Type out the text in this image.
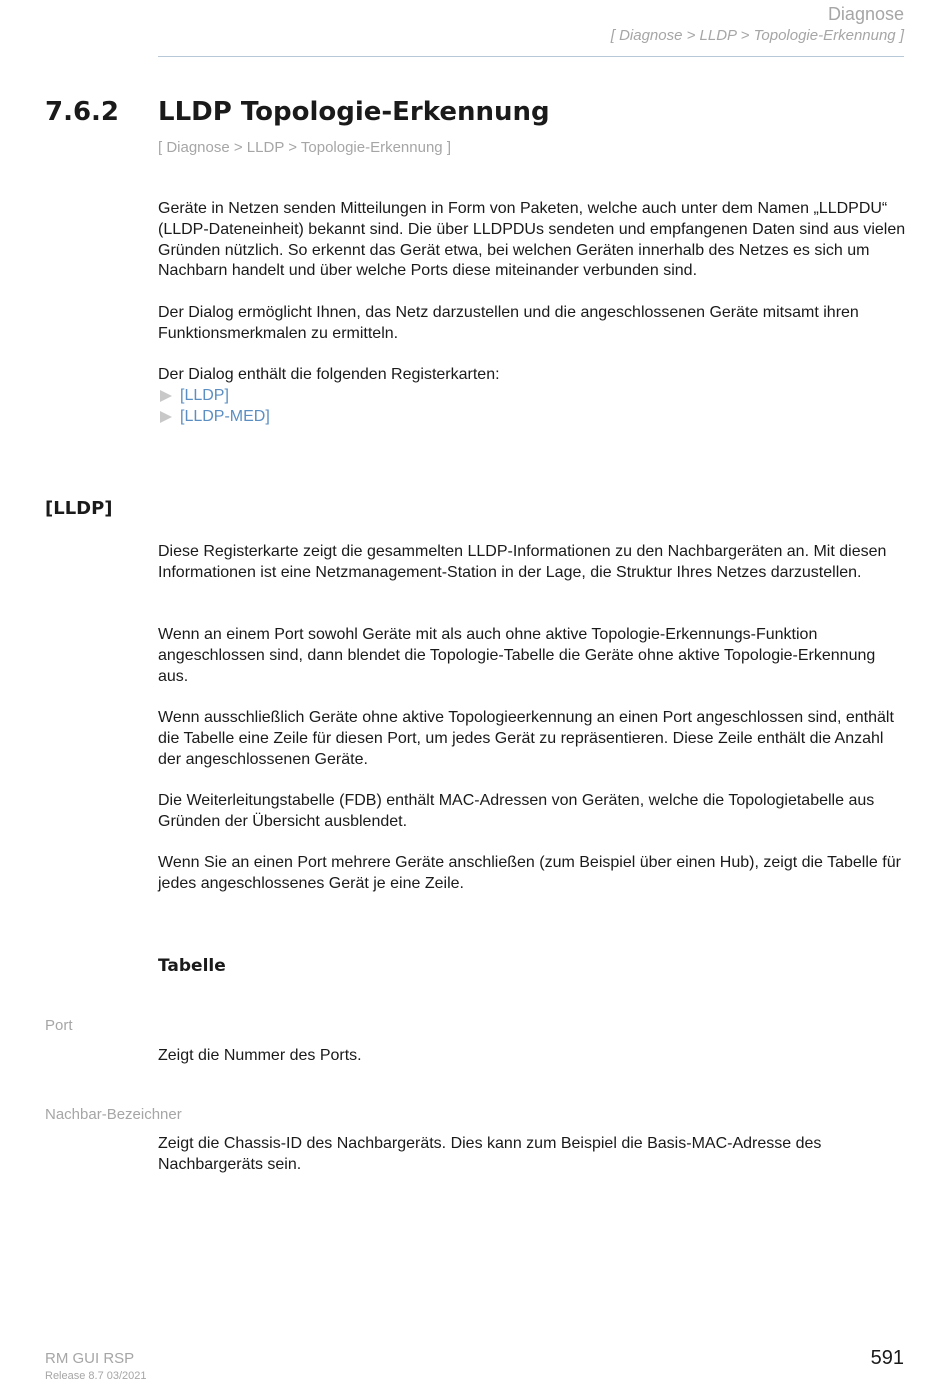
Diagnose
[ Diagnose > LLDP > Topologie-Erkennung ]
7.6.2 LLDP Topologie-Erkennung
[ Diagnose > LLDP > Topologie-Erkennung ]

Geräte in Netzen senden Mitteilungen in Form von Paketen, welche auch unter dem Namen „LLDPDU“ (LLDP-Dateneinheit) bekannt sind. Die über LLDPDUs sendeten und empfangenen Daten sind aus vielen Gründen nützlich. So erkennt das Gerät etwa, bei welchen Geräten innerhalb des Netzes es sich um Nachbarn handelt und über welche Ports diese miteinander verbunden sind.

Der Dialog ermöglicht Ihnen, das Netz darzustellen und die angeschlossenen Geräte mitsamt ihren Funktionsmerkmalen zu ermitteln.

Der Dialog enthält die folgenden Registerkarten:

[LLDP]
[LLDP-MED]
[LLDP]

Diese Registerkarte zeigt die gesammelten LLDP-Informationen zu den Nachbargeräten an. Mit diesen Informationen ist eine Netzmanagement-Station in der Lage, die Struktur Ihres Netzes darzustellen.

Wenn an einem Port sowohl Geräte mit als auch ohne aktive Topologie-Erkennungs-Funktion angeschlossen sind, dann blendet die Topologie-Tabelle die Geräte ohne aktive Topologie-Erkennung aus.

Wenn ausschließlich Geräte ohne aktive Topologieerkennung an einen Port angeschlossen sind, enthält die Tabelle eine Zeile für diesen Port, um jedes Gerät zu repräsentieren. Diese Zeile enthält die Anzahl der angeschlossenen Geräte.

Die Weiterleitungstabelle (FDB) enthält MAC-Adressen von Geräten, welche die Topologietabelle aus Gründen der Übersicht ausblendet.

Wenn Sie an einen Port mehrere Geräte anschließen (zum Beispiel über einen Hub), zeigt die Tabelle für jedes angeschlossenes Gerät je eine Zeile.

Tabelle
Port

Zeigt die Nummer des Ports.

Nachbar-Bezeichner

Zeigt die Chassis-ID des Nachbargeräts. Dies kann zum Beispiel die Basis-MAC-Adresse des Nachbargeräts sein.

RM GUI RSP
Release 8.7 03/2021
591
